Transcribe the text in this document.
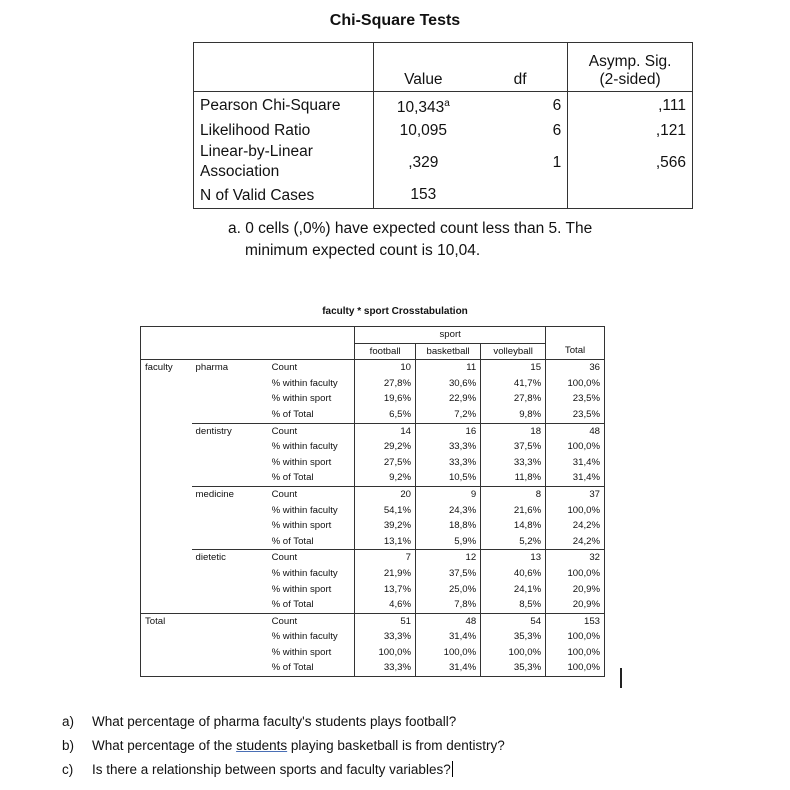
Chi-Square Tests
	Value	df	Asymp. Sig.
(2-sided)
Pearson Chi-Square	10,343$^a$	6	,111
Likelihood Ratio	10,095	6	,121
Linear-by-Linear
Association	,329	1	,566
N of Valid Cases	153		
a. 0 cells (,0%) have expected count less than 5. The
minimum expected count is 10,04.
faculty * sport Crosstabulation
			sport			
			football	basketball	volleyball	Total
faculty	pharma	Count	10	11	15	36
		% within faculty	27,8%	30,6%	41,7%	100,0%
		% within sport	19,6%	22,9%	27,8%	23,5%
		% of Total	6,5%	7,2%	9,8%	23,5%
	dentistry	Count	14	16	18	48
		% within faculty	29,2%	33,3%	37,5%	100,0%
		% within sport	27,5%	33,3%	33,3%	31,4%
		% of Total	9,2%	10,5%	11,8%	31,4%
	medicine	Count	20	9	8	37
		% within faculty	54,1%	24,3%	21,6%	100,0%
		% within sport	39,2%	18,8%	14,8%	24,2%
		% of Total	13,1%	5,9%	5,2%	24,2%
	dietetic	Count	7	12	13	32
		% within faculty	21,9%	37,5%	40,6%	100,0%
		% within sport	13,7%	25,0%	24,1%	20,9%
		% of Total	4,6%	7,8%	8,5%	20,9%
Total		Count	51	48	54	153
		% within faculty	33,3%	31,4%	35,3%	100,0%
		% within sport	100,0%	100,0%	100,0%	100,0%
		% of Total	33,3%	31,4%	35,3%	100,0%
a)	What percentage of pharma faculty's students plays football?
b)	What percentage of the students playing basketball is from dentistry?
c)	Is there a relationship between sports and faculty variables?
